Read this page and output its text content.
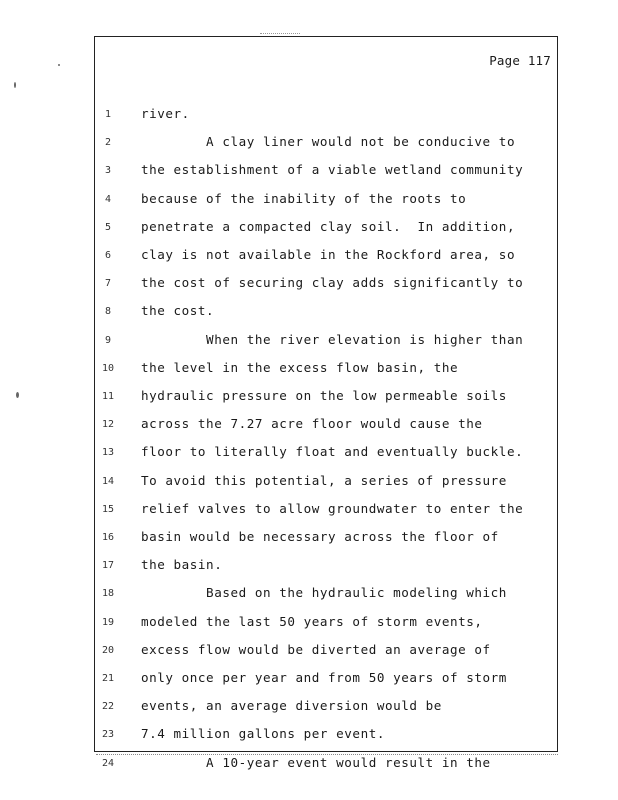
Page 117
1	river.
2	A clay liner would not be conducive to
3	the establishment of a viable wetland community
4	because of the inability of the roots to
5	penetrate a compacted clay soil.  In addition,
6	clay is not available in the Rockford area, so
7	the cost of securing clay adds significantly to
8	the cost.
9	When the river elevation is higher than
10 the level in the excess flow basin, the
11 hydraulic pressure on the low permeable soils
12 across the 7.27 acre floor would cause the
13 floor to literally float and eventually buckle.
14 To avoid this potential, a series of pressure
15 relief valves to allow groundwater to enter the
16 basin would be necessary across the floor of
17 the basin.
18 Based on the hydraulic modeling which
19 modeled the last 50 years of storm events,
20 excess flow would be diverted an average of
21 only once per year and from 50 years of storm
22 events, an average diversion would be
23 7.4 million gallons per event.
24 A 10-year event would result in the
